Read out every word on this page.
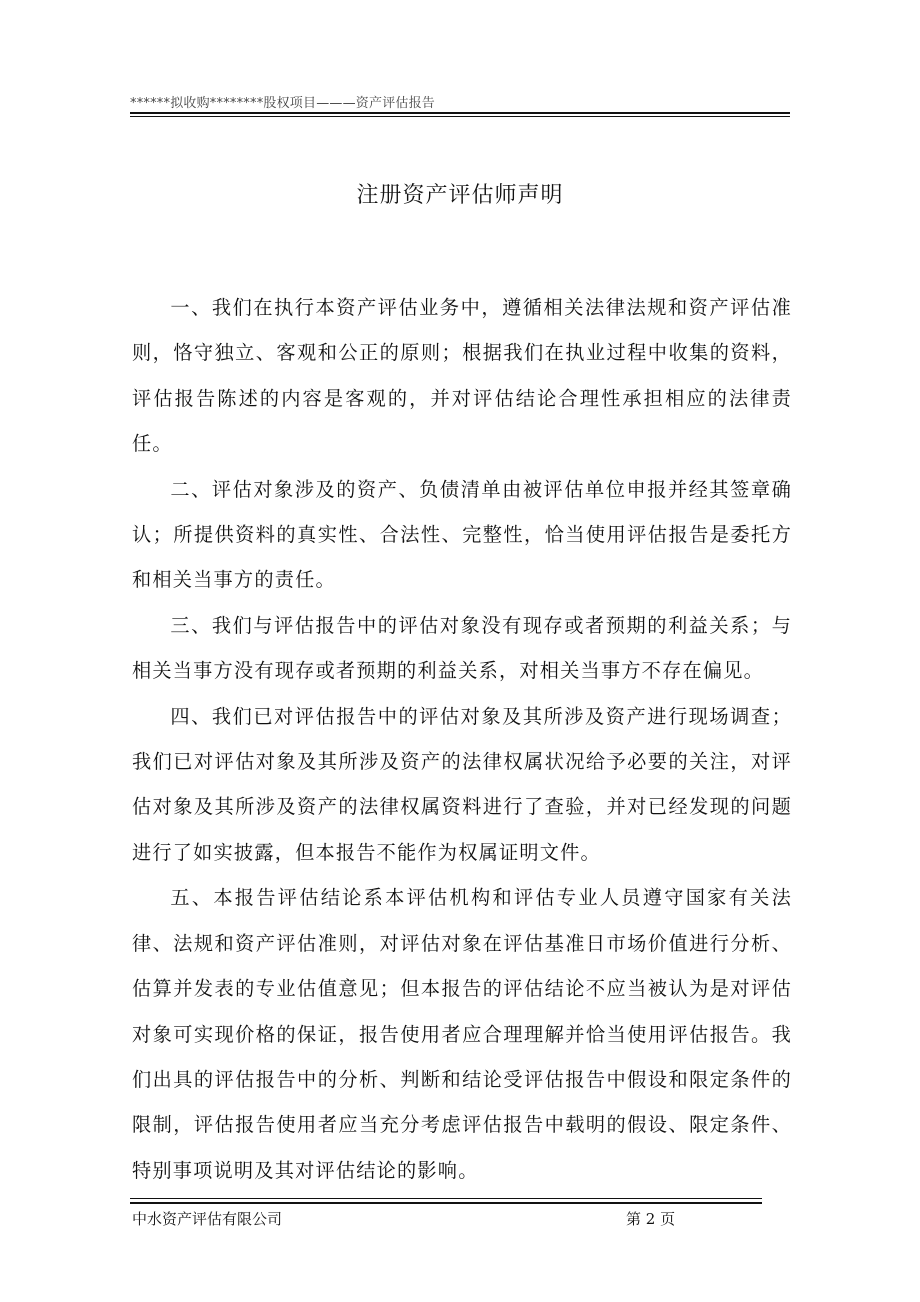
******拟收购********股权项目———资产评估报告
注册资产评估师声明

一、我们在执行本资产评估业务中，遵循相关法律法规和资产评估准则，恪守独立、客观和公正的原则；根据我们在执业过程中收集的资料，评估报告陈述的内容是客观的，并对评估结论合理性承担相应的法律责任。

二、评估对象涉及的资产、负债清单由被评估单位申报并经其签章确认；所提供资料的真实性、合法性、完整性，恰当使用评估报告是委托方和相关当事方的责任。

三、我们与评估报告中的评估对象没有现存或者预期的利益关系；与相关当事方没有现存或者预期的利益关系，对相关当事方不存在偏见。

四、我们已对评估报告中的评估对象及其所涉及资产进行现场调查；我们已对评估对象及其所涉及资产的法律权属状况给予必要的关注，对评估对象及其所涉及资产的法律权属资料进行了查验，并对已经发现的问题进行了如实披露，但本报告不能作为权属证明文件。

五、本报告评估结论系本评估机构和评估专业人员遵守国家有关法律、法规和资产评估准则，对评估对象在评估基准日市场价值进行分析、估算并发表的专业估值意见；但本报告的评估结论不应当被认为是对评估对象可实现价格的保证，报告使用者应合理理解并恰当使用评估报告。我们出具的评估报告中的分析、判断和结论受评估报告中假设和限定条件的限制，评估报告使用者应当充分考虑评估报告中载明的假设、限定条件、特别事项说明及其对评估结论的影响。

中水资产评估有限公司	第 2 页
